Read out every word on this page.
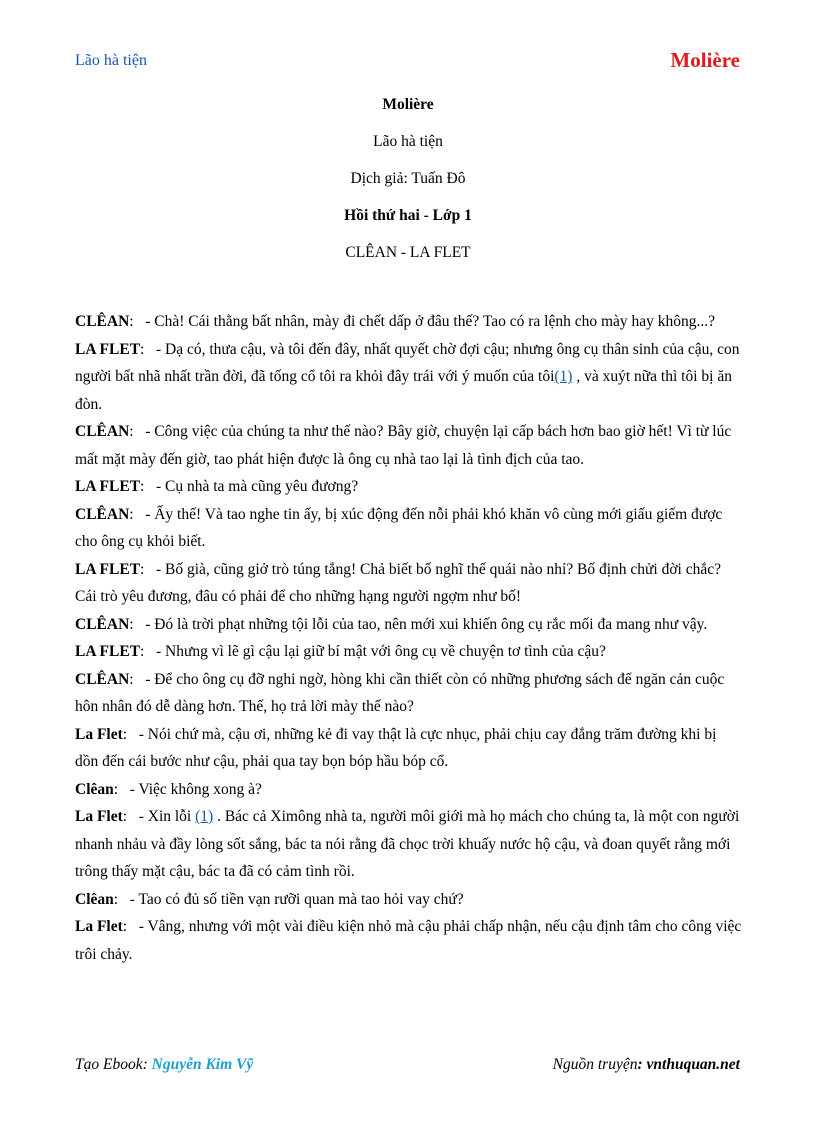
Lão hà tiện	Molière
Molière
Lão hà tiện
Dịch giả: Tuấn Đô
Hồi thứ hai - Lớp 1
CLÊAN - LA FLET

CLÊAN:   - Chà! Cái thằng bất nhân, mày đi chết dấp ở đâu thế? Tao có ra lệnh cho mày hay không...?

LA FLET:   - Dạ có, thưa cậu, và tôi đến đây, nhất quyết chờ đợi cậu; nhưng ông cụ thân sinh của cậu, con người bất nhã nhất trần đời, đã tống cổ tôi ra khỏi đây trái với ý muốn của tôi(1) , và xuýt nữa thì tôi bị ăn đòn.

CLÊAN:   - Công việc của chúng ta như thế nào? Bây giờ, chuyện lại cấp bách hơn bao giờ hết! Vì từ lúc mất mặt mày đến giờ, tao phát hiện được là ông cụ nhà tao lại là tình địch của tao.

LA FLET:   - Cụ nhà ta mà cũng yêu đương?

CLÊAN:   - Ấy thế! Và tao nghe tin ấy, bị xúc động đến nỗi phải khó khăn vô cùng mới giấu giếm được cho ông cụ khỏi biết.

LA FLET:   - Bố già, cũng giở trò túng tắng! Chả biết bố nghĩ thế quái nào nhỉ? Bố định chửi đời chắc? Cái trò yêu đương, đâu có phải để cho những hạng người ngợm như bố!

CLÊAN:   - Đó là trời phạt những tội lỗi của tao, nên mới xui khiến ông cụ rắc mối đa mang như vậy.

LA FLET:   - Nhưng vì lẽ gì cậu lại giữ bí mật với ông cụ về chuyện tơ tình của cậu?

CLÊAN:   - Để cho ông cụ đỡ nghi ngờ, hòng khi cần thiết còn có những phương sách để ngăn cản cuộc hôn nhân đó dễ dàng hơn. Thế, họ trả lời mày thế nào?

La Flet:   - Nói chứ mà, cậu ơi, những kẻ đi vay thật là cực nhục, phải chịu cay đắng trăm đường khi bị dồn đến cái bước như cậu, phải qua tay bọn bóp hầu bóp cổ.

Clêan:   - Việc không xong à?

La Flet:   - Xin lỗi (1) . Bác cả Ximông nhà ta, người môi giới mà họ mách cho chúng ta, là một con người nhanh nhảu và đầy lòng sốt sắng, bác ta nói rằng đã chọc trời khuấy nước hộ cậu, và đoan quyết rằng mới trông thấy mặt cậu, bác ta đã có cảm tình rồi.

Clêan:   - Tao có đủ số tiền vạn rưỡi quan mà tao hỏi vay chứ?

La Flet:   - Vâng, nhưng với một vài điều kiện nhỏ mà cậu phải chấp nhận, nếu cậu định tâm cho công việc trôi chảy.

Tạo Ebook: Nguyễn Kim Vỹ	Nguồn truyện: vnthuquan.net
